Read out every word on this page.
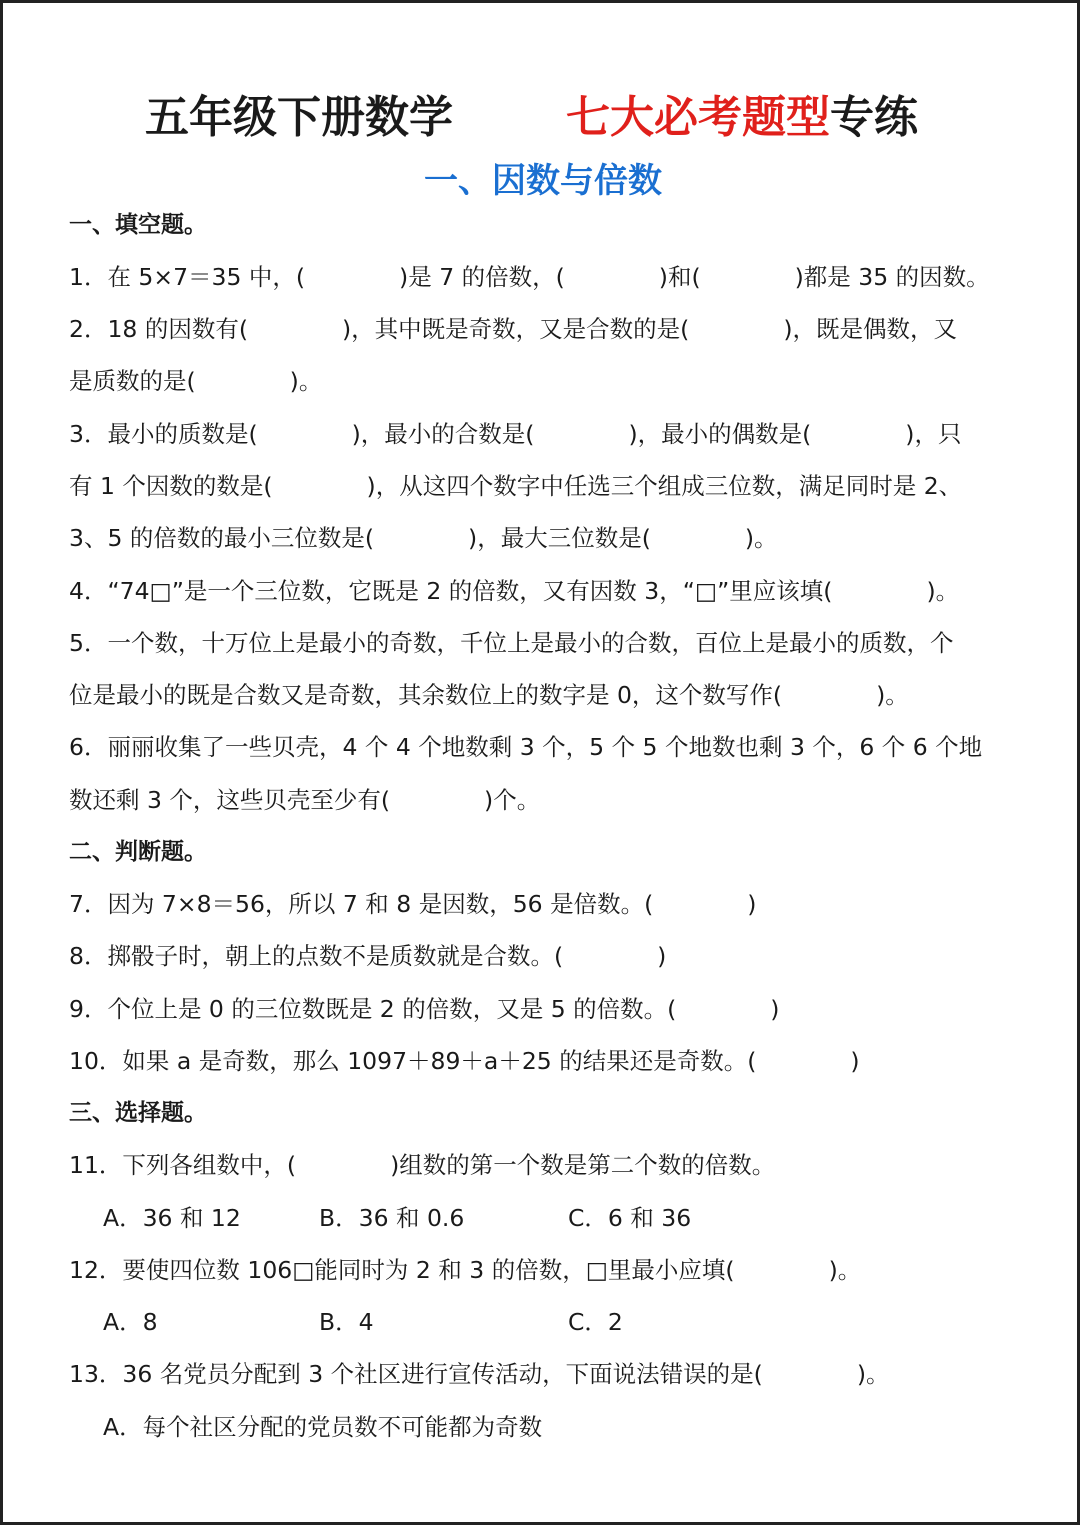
五年级下册数学	七大必考题型专练
一、因数与倍数
一、填空题。
1．在 5×7＝35 中，(　　　　)是 7 的倍数，(　　　　)和(　　　　)都是 35 的因数。
2．18 的因数有(　　　　)，其中既是奇数，又是合数的是(　　　　)，既是偶数，又
是质数的是(　　　　)。
3．最小的质数是(　　　　)，最小的合数是(　　　　)，最小的偶数是(　　　　)，只
有 1 个因数的数是(　　　　)，从这四个数字中任选三个组成三位数，满足同时是 2、
3、5 的倍数的最小三位数是(　　　　)，最大三位数是(　　　　)。
4．“74□”是一个三位数，它既是 2 的倍数，又有因数 3，“□”里应该填(　　　　)。
5．一个数，十万位上是最小的奇数，千位上是最小的合数，百位上是最小的质数，个
位是最小的既是合数又是奇数，其余数位上的数字是 0，这个数写作(　　　　)。
6．丽丽收集了一些贝壳，4 个 4 个地数剩 3 个，5 个 5 个地数也剩 3 个，6 个 6 个地
数还剩 3 个，这些贝壳至少有(　　　　)个。
二、判断题。
7．因为 7×8＝56，所以 7 和 8 是因数，56 是倍数。(　　　　)
8．掷骰子时，朝上的点数不是质数就是合数。(　　　　)
9．个位上是 0 的三位数既是 2 的倍数，又是 5 的倍数。(　　　　)
10．如果 a 是奇数，那么 1097＋89＋a＋25 的结果还是奇数。(　　　　)
三、选择题。
11．下列各组数中，(　　　　)组数的第一个数是第二个数的倍数。
A．36 和 12	B．36 和 0.6	C．6 和 36
12．要使四位数 106□能同时为 2 和 3 的倍数，□里最小应填(　　　　)。
A．8	B．4	C．2
13．36 名党员分配到 3 个社区进行宣传活动，下面说法错误的是(　　　　)。
A．每个社区分配的党员数不可能都为奇数
